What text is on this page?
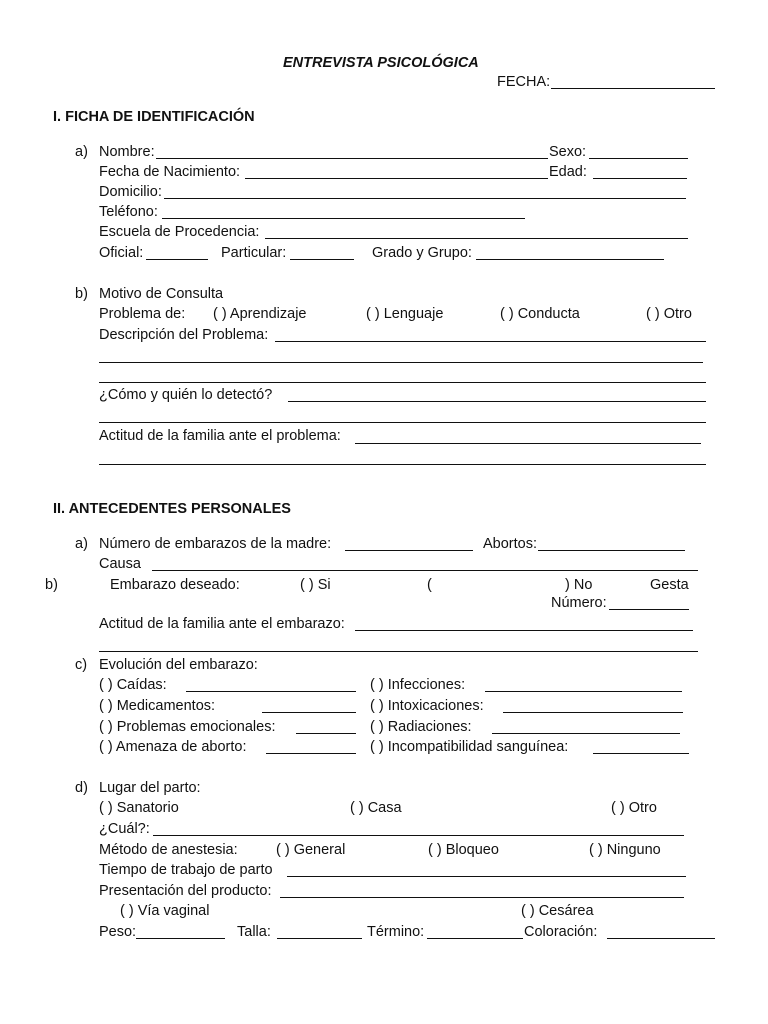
ENTREVISTA PSICOLÓGICA
FECHA:
I. FICHA DE IDENTIFICACIÓN
a) Nombre:	Sexo:
Fecha de Nacimiento:	Edad:
Domicilio:
Teléfono:
Escuela de Procedencia:
Oficial:	Particular:	Grado y Grupo:
b) Motivo de Consulta
Problema de: ( ) Aprendizaje	( ) Lenguaje	( ) Conducta	( ) Otro
Descripción del Problema:
¿Cómo y quién lo detectó?
Actitud de la familia ante el problema:
II. ANTECEDENTES PERSONALES
a) Número de embarazos de la madre:	Abortos:
Causa
b)	Embarazo deseado:	( ) Si	(	) No	Gesta
Número:
Actitud de la familia ante el embarazo:
c) Evolución del embarazo:
( ) Caídas:	( ) Infecciones:
( ) Medicamentos:	( ) Intoxicaciones:
( ) Problemas emocionales:	( ) Radiaciones:
( ) Amenaza de aborto:	( ) Incompatibilidad sanguínea:
d) Lugar del parto:
( ) Sanatorio	( ) Casa	( ) Otro
¿Cuál?:
Método de anestesia:	( ) General	( ) Bloqueo	( ) Ninguno
Tiempo de trabajo de parto
Presentación del producto:
( ) Vía vaginal	( ) Cesárea
Peso:	Talla:	Término:	Coloración:
